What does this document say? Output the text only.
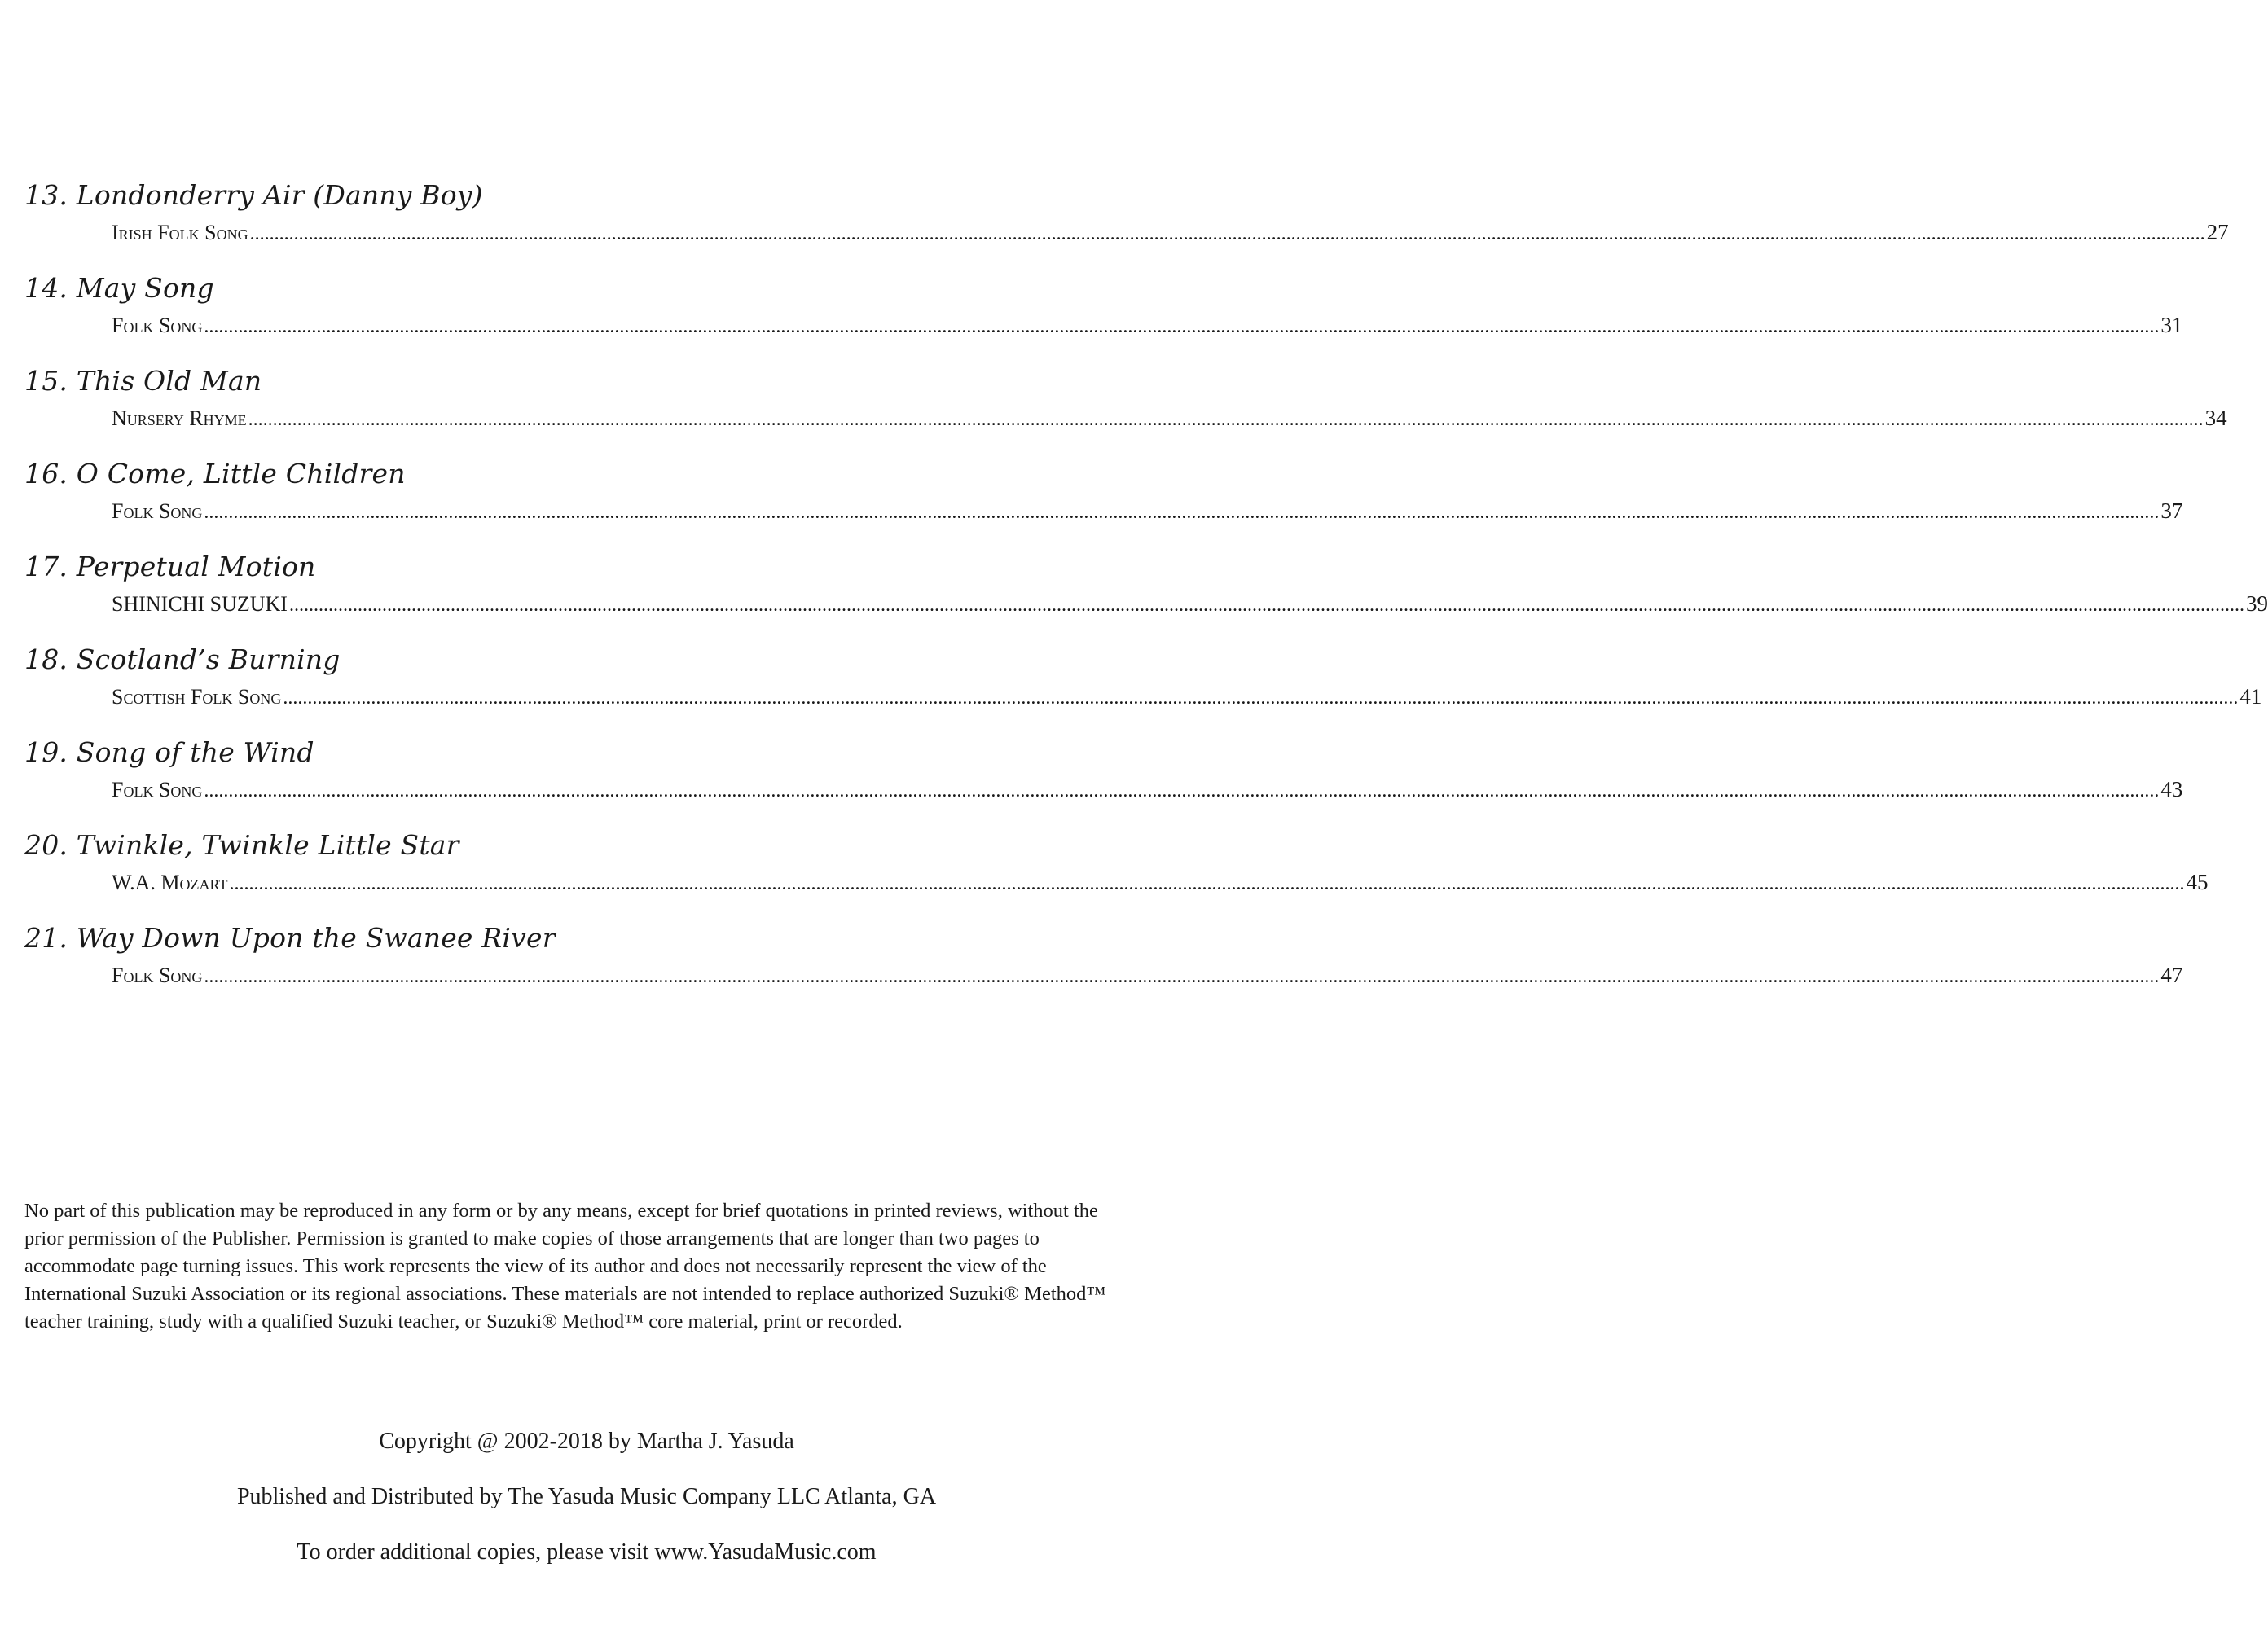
13. Londonderry Air (Danny Boy)
Irish Folk Song ................................................................................................................................................................................................................................................................................................................................................................................................................ 27
14. May Song
Folk Song ................................................................................................................................................................................................................................................................................................................................................................................................................ 31
15. This Old Man
Nursery Rhyme ................................................................................................................................................................................................................................................................................................................................................................................................................ 34
16. O Come, Little Children
Folk Song ................................................................................................................................................................................................................................................................................................................................................................................................................ 37
17. Perpetual Motion
SHINICHI SUZUKI ................................................................................................................................................................................................................................................................................................................................................................................................................ 39
18. Scotland’s Burning
Scottish Folk Song ................................................................................................................................................................................................................................................................................................................................................................................................................ 41
19. Song of the Wind
Folk Song ................................................................................................................................................................................................................................................................................................................................................................................................................ 43
20. Twinkle, Twinkle Little Star
W.A. Mozart ................................................................................................................................................................................................................................................................................................................................................................................................................ 45
21. Way Down Upon the Swanee River
Folk Song ................................................................................................................................................................................................................................................................................................................................................................................................................ 47

No part of this publication may be reproduced in any form or by any means, except for brief quotations in printed reviews, without the prior permission of the Publisher. Permission is granted to make copies of those arrangements that are longer than two pages to accommodate page turning issues. This work represents the view of its author and does not necessarily represent the view of the International Suzuki Association or its regional associations. These materials are not intended to replace authorized Suzuki® Method™ teacher training, study with a qualified Suzuki teacher, or Suzuki® Method™ core material, print or recorded.

Copyright @ 2002-2018 by Martha J. Yasuda
Published and Distributed by The Yasuda Music Company LLC Atlanta, GA
To order additional copies, please visit www.YasudaMusic.com
